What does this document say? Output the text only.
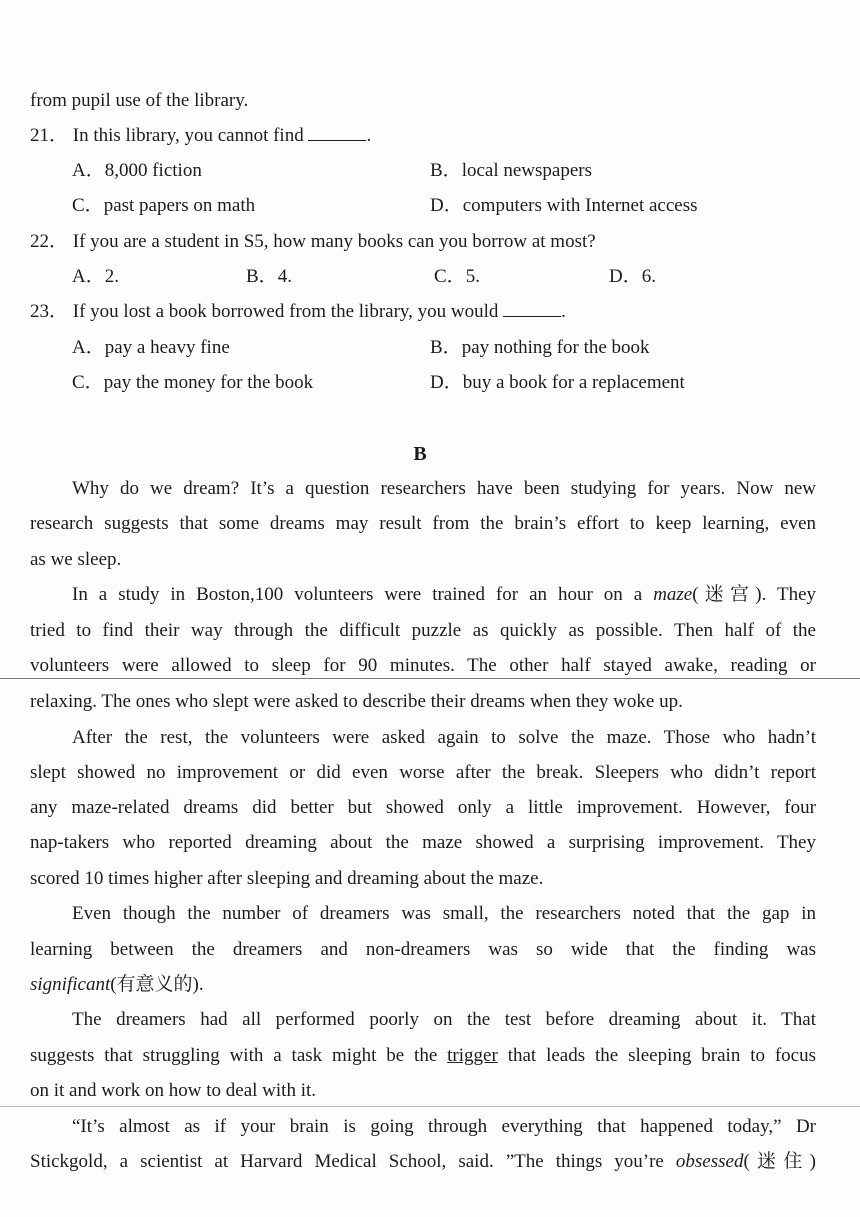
from pupil use of the library.
21． In this library, you cannot find	.
A．8,000 fiction	B．local newspapers
C．past papers on math	D．computers with Internet access
22． If you are a student in S5, how many books can you borrow at most?
A．2.	B．4.	C．5.	D．6.
23． If you lost a book borrowed from the library, you would	.
A．pay a heavy fine	B．pay nothing for the book
C．pay the money for the book	D．buy a book for a replacement
B
Why do we dream? It’s a question researchers have been studying for years. Now new
research suggests that some dreams may result from the brain’s effort to keep learning, even
as we sleep.
In a study in Boston,100 volunteers were trained for an hour on a maze(迷宫). They
tried to find their way through the difficult puzzle as quickly as possible. Then half of the
volunteers were allowed to sleep for 90 minutes. The other half stayed awake, reading or
relaxing. The ones who slept were asked to describe their dreams when they woke up.
After the rest, the volunteers were asked again to solve the maze. Those who hadn’t
slept showed no improvement or did even worse after the break. Sleepers who didn’t report
any maze-related dreams did better but showed only a little improvement. However, four
nap-takers who reported dreaming about the maze showed a surprising improvement. They
scored 10 times higher after sleeping and dreaming about the maze.
Even though the number of dreamers was small, the researchers noted that the gap in
learning between the dreamers and non-dreamers was so wide that the finding was
significant(有意义的).
The dreamers had all performed poorly on the test before dreaming about it. That
suggests that struggling with a task might be the trigger that leads the sleeping brain to focus
on it and work on how to deal with it.
“It’s almost as if your brain is going through everything that happened today,” Dr
Stickgold, a scientist at Harvard Medical School, said. ”The things you’re obsessed(迷住)
